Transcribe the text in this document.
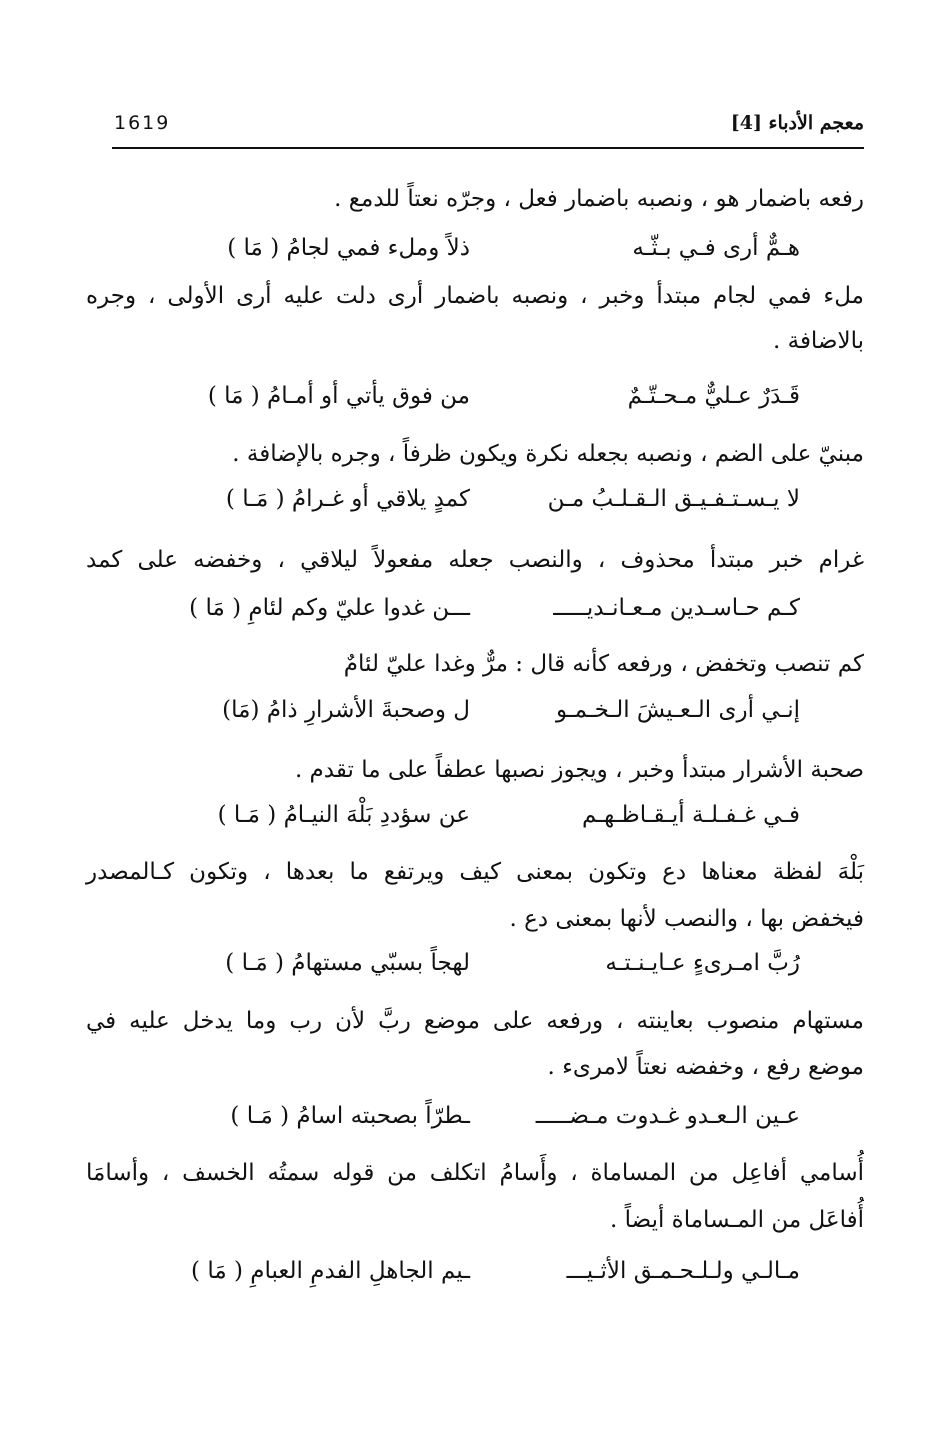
1619	معجم الأدباء [4]
رفعه باضمار هو ، ونصبه باضمار فعل ، وجرّه نعتاً للدمع .
هـمٌّ أرى فـي بـثّـه
ذلاً وملء فمي لجامُ ( مَا )
ملء فمي لجام مبتدأ وخبر ، ونصبه باضمار أرى دلت عليه أرى الأولى ، وجره
بالاضافة .
قَـدَرٌ عـليٌّ مـحـتّـمٌ
من فوق يأتي أو أمـامُ ( مَا )
مبنيّ على الضم ، ونصبه بجعله نكرة ويكون ظرفاً ، وجره بالإضافة .
لا يـسـتـفـيـق الـقـلـبُ مـن
كمدٍ يلاقي أو غـرامُ ( مَـا )
غرام خبر مبتدأ محذوف ، والنصب جعله مفعولاً ليلاقي ، وخفضه على كمد
كـم حـاسـدين مـعـانـديـــــ
ـــن غدوا عليّ وكم لئامِ ( مَا )
كم تنصب وتخفض ، ورفعه كأنه قال : مرٌّ وغدا عليّ لئامٌ
إنـي أرى الـعـيشَ الـخـمـو
ل وصحبةَ الأشرارِ ذامُ (مَا)
صحبة الأشرار مبتدأ وخبر ، ويجوز نصبها عطفاً على ما تقدم .
فـي غـفـلـة أيـقـاظـهـم
عن سؤددِ بَلْهَ النيـامُ ( مَـا )
بَلْهَ لفظة معناها دع وتكون بمعنى كيف ويرتفع ما بعدها ، وتكون كـالمصدر
فيخفض بها ، والنصب لأنها بمعنى دع .
رُبَّ امـرىءٍ عـايـنـتـه
لهجاً بسبّي مستهامُ ( مَـا )
مستهام منصوب بعاينته ، ورفعه على موضع ربَّ لأن رب وما يدخل عليه في
موضع رفع ، وخفضه نعتاً لامرىء .
عـين الـعـدو غـدوت مـضـــــ
ـطرّاً بصحبته اسامُ ( مَـا )
أُسامي أفاعِل من المساماة ، وأَسامُ اتكلف من قوله سمتُه الخسف ، وأسامَا
أُفاعَل من المـساماة أيضاً .
مـالـي ولـلـحـمـق الأثـيـــ
ـيم الجاهلِ الفدمِ العبامِ ( مَا )
